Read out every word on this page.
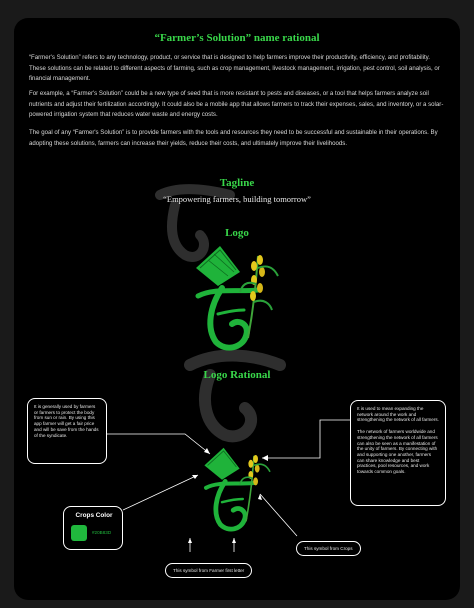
“Farmer’s Solution” name rational

“Farmer's Solution” refers to any technology, product, or service that is designed to help farmers improve their productivity, efficiency, and profitability. These solutions can be related to different aspects of farming, such as crop management, livestock management, irrigation, pest control, soil analysis, or financial management.

For example, a “Farmer's Solution” could be a new type of seed that is more resistant to pests and diseases, or a tool that helps farmers analyze soil nutrients and adjust their fertilization accordingly. It could also be a mobile app that allows farmers to track their expenses, sales, and inventory, or a solar-powered irrigation system that reduces water waste and energy costs.

The goal of any “Farmer's Solution” is to provide farmers with the tools and resources they need to be successful and sustainable in their operations. By adopting these solutions, farmers can increase their yields, reduce their costs, and ultimately improve their livelihoods.

Tagline
“Empowering farmers, building tomorrow”
Logo
Logo Rational
It is generally used by farmers or farmers to protect the body from sun or rain. By using this app farmer will get a fair price and will be save from the hands of the syndicate.

It is used to mean expanding the network around the work and strengthening the network of all farmers.

The network of farmers worldwide and strengthening the network of all farmers can also be seen as a manifestation of the unity of farmers. By connecting with and supporting one another, farmers can share knowledge and best practices, pool resources, and work towards common goals.

Crops Color
#20B83D
This symbol from Crops
This symbol from Farmer first letter
